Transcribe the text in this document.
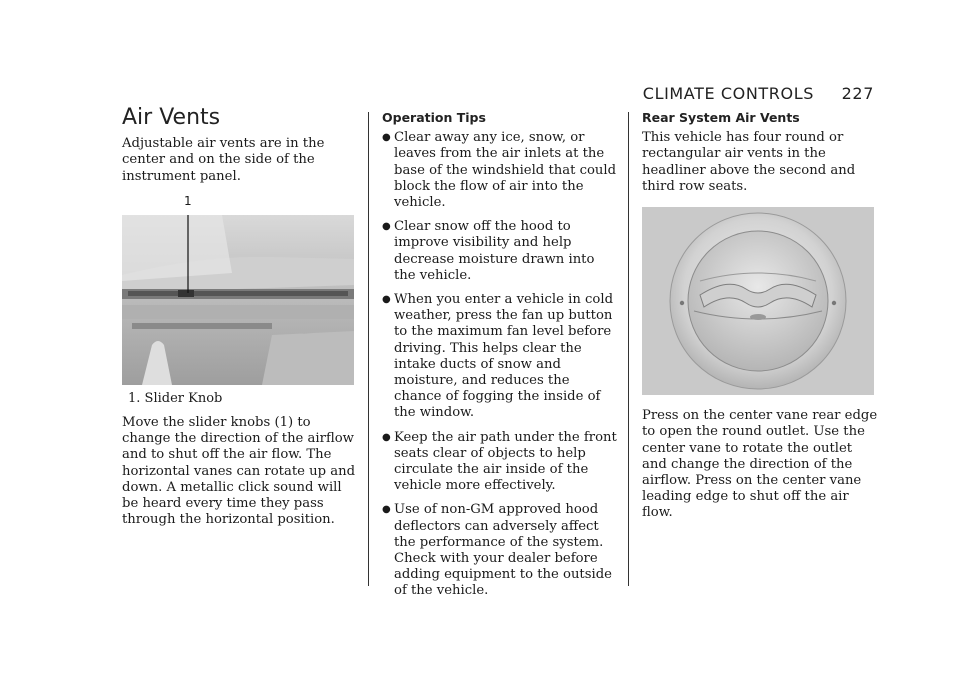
CLIMATE CONTROLS 227
Air Vents

Adjustable air vents are in the center and on the side of the instrument panel.

1

1. Slider Knob

Move the slider knobs (1) to change the direction of the airflow and to shut off the air flow. The horizontal vanes can rotate up and down. A metallic click sound will be heard every time they pass through the horizontal position.

Operation Tips
● Clear away any ice, snow, or leaves from the air inlets at the base of the windshield that could block the flow of air into the vehicle.
● Clear snow off the hood to improve visibility and help decrease moisture drawn into the vehicle.
● When you enter a vehicle in cold weather, press the fan up button to the maximum fan level before driving. This helps clear the intake ducts of snow and moisture, and reduces the chance of fogging the inside of the window.
● Keep the air path under the front seats clear of objects to help circulate the air inside of the vehicle more effectively.
● Use of non-GM approved hood deflectors can adversely affect the performance of the system. Check with your dealer before adding equipment to the outside of the vehicle.
Rear System Air Vents

This vehicle has four round or rectangular air vents in the headliner above the second and third row seats.

Press on the center vane rear edge to open the round outlet. Use the center vane to rotate the outlet and change the direction of the airflow. Press on the center vane leading edge to shut off the air flow.
